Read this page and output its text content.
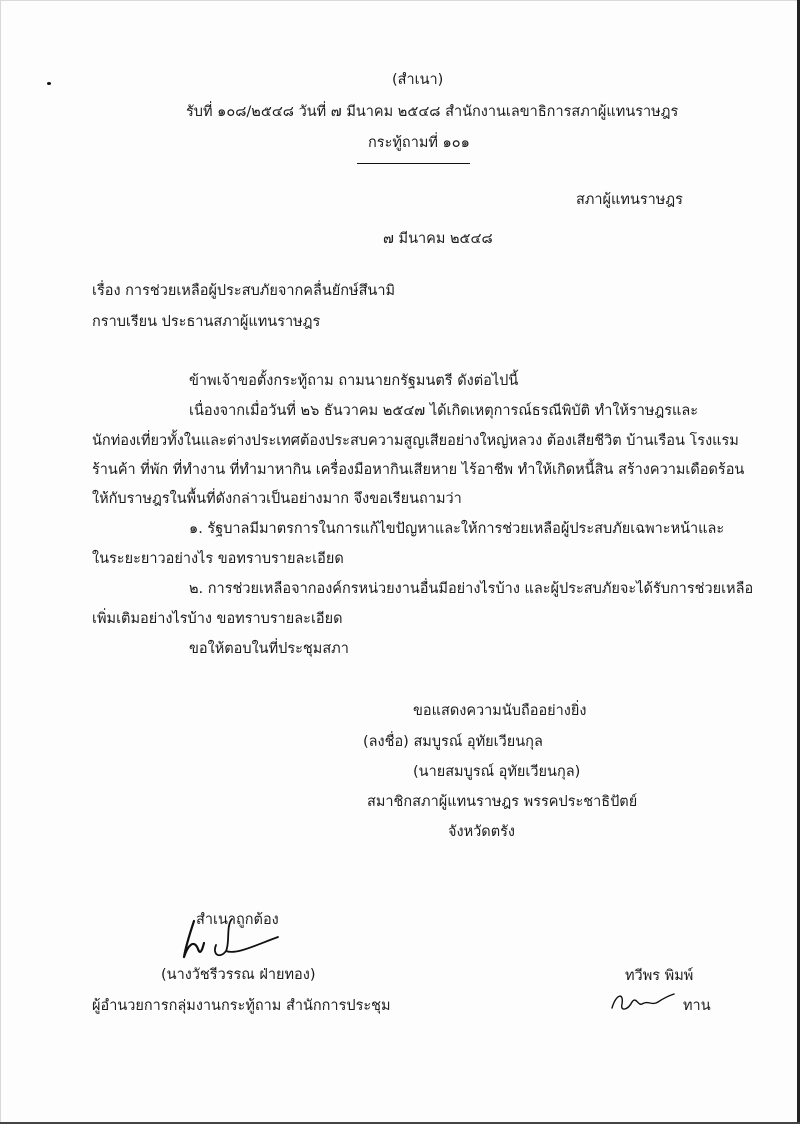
(สำเนา)
รับที่ ๑๐๘/๒๕๔๘ วันที่ ๗ มีนาคม ๒๕๔๘ สำนักงานเลขาธิการสภาผู้แทนราษฎร
กระทู้ถามที่ ๑๐๑
สภาผู้แทนราษฎร
๗ มีนาคม ๒๕๔๘
เรื่อง การช่วยเหลือผู้ประสบภัยจากคลื่นยักษ์สึนามิ
กราบเรียน ประธานสภาผู้แทนราษฎร
ข้าพเจ้าขอตั้งกระทู้ถาม ถามนายกรัฐมนตรี ดังต่อไปนี้
เนื่องจากเมื่อวันที่ ๒๖ ธันวาคม ๒๕๔๗ ได้เกิดเหตุการณ์ธรณีพิบัติ ทำให้ราษฎรและ
นักท่องเที่ยวทั้งในและต่างประเทศต้องประสบความสูญเสียอย่างใหญ่หลวง ต้องเสียชีวิต บ้านเรือน โรงแรม
ร้านค้า ที่พัก ที่ทำงาน ที่ทำมาหากิน เครื่องมือหากินเสียหาย ไร้อาชีพ ทำให้เกิดหนี้สิน สร้างความเดือดร้อน
ให้กับราษฎรในพื้นที่ดังกล่าวเป็นอย่างมาก จึงขอเรียนถามว่า
๑. รัฐบาลมีมาตรการในการแก้ไขปัญหาและให้การช่วยเหลือผู้ประสบภัยเฉพาะหน้าและ
ในระยะยาวอย่างไร ขอทราบรายละเอียด
๒. การช่วยเหลือจากองค์กรหน่วยงานอื่นมีอย่างไรบ้าง และผู้ประสบภัยจะได้รับการช่วยเหลือ
เพิ่มเติมอย่างไรบ้าง ขอทราบรายละเอียด
ขอให้ตอบในที่ประชุมสภา
ขอแสดงความนับถืออย่างยิ่ง
(ลงชื่อ) สมบูรณ์ อุทัยเวียนกุล
(นายสมบูรณ์ อุทัยเวียนกุล)
สมาชิกสภาผู้แทนราษฎร พรรคประชาธิปัตย์
จังหวัดตรัง
สำเนาถูกต้อง
(นางวัชรีวรรณ ฝ่ายทอง)
ผู้อำนวยการกลุ่มงานกระทู้ถาม สำนักการประชุม
ทวีพร พิมพ์
ทาน
